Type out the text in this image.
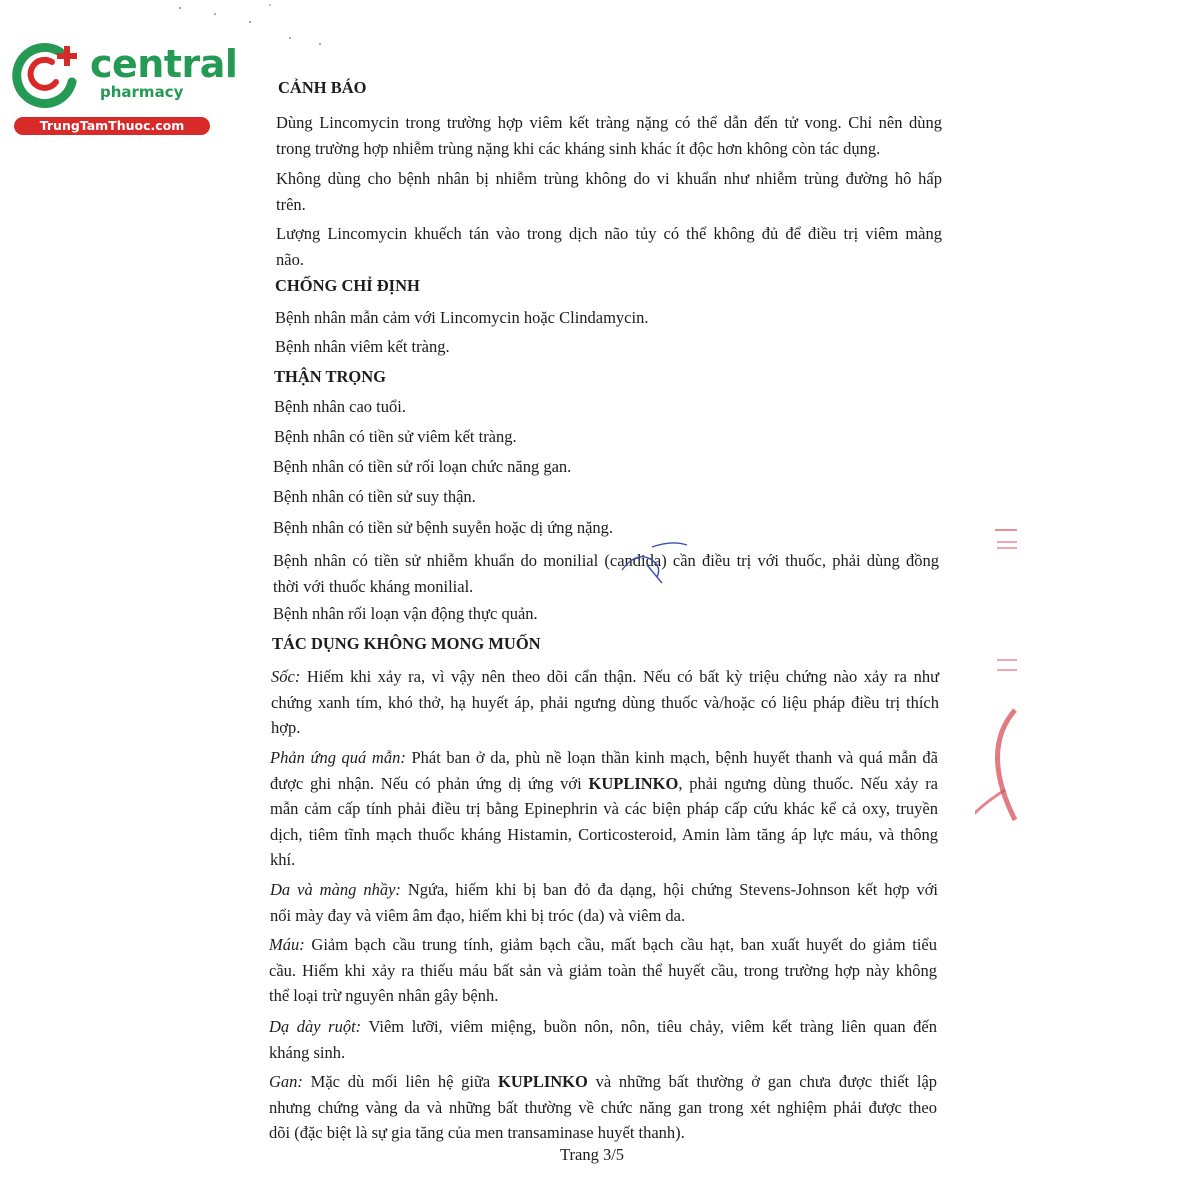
central
pharmacy
TrungTamThuoc.com
CẢNH BÁO
Dùng Lincomycin trong trường hợp viêm kết tràng nặng có thể dẫn đến tử vong. Chỉ nên dùng
trong trường hợp nhiễm trùng nặng khi các kháng sinh khác ít độc hơn không còn tác dụng.
Không dùng cho bệnh nhân bị nhiễm trùng không do vi khuẩn như nhiễm trùng đường hô hấp
trên.
Lượng Lincomycin khuếch tán vào trong dịch não tủy có thể không đủ để điều trị viêm màng
não.
CHỐNG CHỈ ĐỊNH
Bệnh nhân mẫn cảm với Lincomycin hoặc Clindamycin.
Bệnh nhân viêm kết tràng.
THẬN TRỌNG
Bệnh nhân cao tuổi.
Bệnh nhân có tiền sử viêm kết tràng.
Bệnh nhân có tiền sử rối loạn chức năng gan.
Bệnh nhân có tiền sử suy thận.
Bệnh nhân có tiền sử bệnh suyễn hoặc dị ứng nặng.
Bệnh nhân có tiền sử nhiễm khuẩn do monilial (candida) cần điều trị với thuốc, phải dùng đồng
thời với thuốc kháng monilial.
Bệnh nhân rối loạn vận động thực quản.
TÁC DỤNG KHÔNG MONG MUỐN
Sốc: Hiếm khi xảy ra, vì vậy nên theo dõi cẩn thận. Nếu có bất kỳ triệu chứng nào xảy ra như
chứng xanh tím, khó thở, hạ huyết áp, phải ngưng dùng thuốc và/hoặc có liệu pháp điều trị thích
hợp.
Phản ứng quá mẫn: Phát ban ở da, phù nề loạn thần kinh mạch, bệnh huyết thanh và quá mẫn đã
được ghi nhận. Nếu có phản ứng dị ứng với KUPLINKO, phải ngưng dùng thuốc. Nếu xảy ra
mẫn cảm cấp tính phải điều trị bằng Epinephrin và các biện pháp cấp cứu khác kể cả oxy, truyền
dịch, tiêm tĩnh mạch thuốc kháng Histamin, Corticosteroid, Amin làm tăng áp lực máu, và thông
khí.
Da và màng nhầy: Ngứa, hiếm khi bị ban đỏ đa dạng, hội chứng Stevens-Johnson kết hợp với
nổi mày đay và viêm âm đạo, hiếm khi bị tróc (da) và viêm da.
Máu: Giảm bạch cầu trung tính, giảm bạch cầu, mất bạch cầu hạt, ban xuất huyết do giảm tiểu
cầu. Hiếm khi xảy ra thiếu máu bất sản và giảm toàn thể huyết cầu, trong trường hợp này không
thể loại trừ nguyên nhân gây bệnh.
Dạ dày ruột: Viêm lưỡi, viêm miệng, buồn nôn, nôn, tiêu chảy, viêm kết tràng liên quan đến
kháng sinh.
Gan: Mặc dù mối liên hệ giữa KUPLINKO và những bất thường ở gan chưa được thiết lập
nhưng chứng vàng da và những bất thường về chức năng gan trong xét nghiệm phải được theo
dõi (đặc biệt là sự gia tăng của men transaminase huyết thanh).
Trang 3/5
